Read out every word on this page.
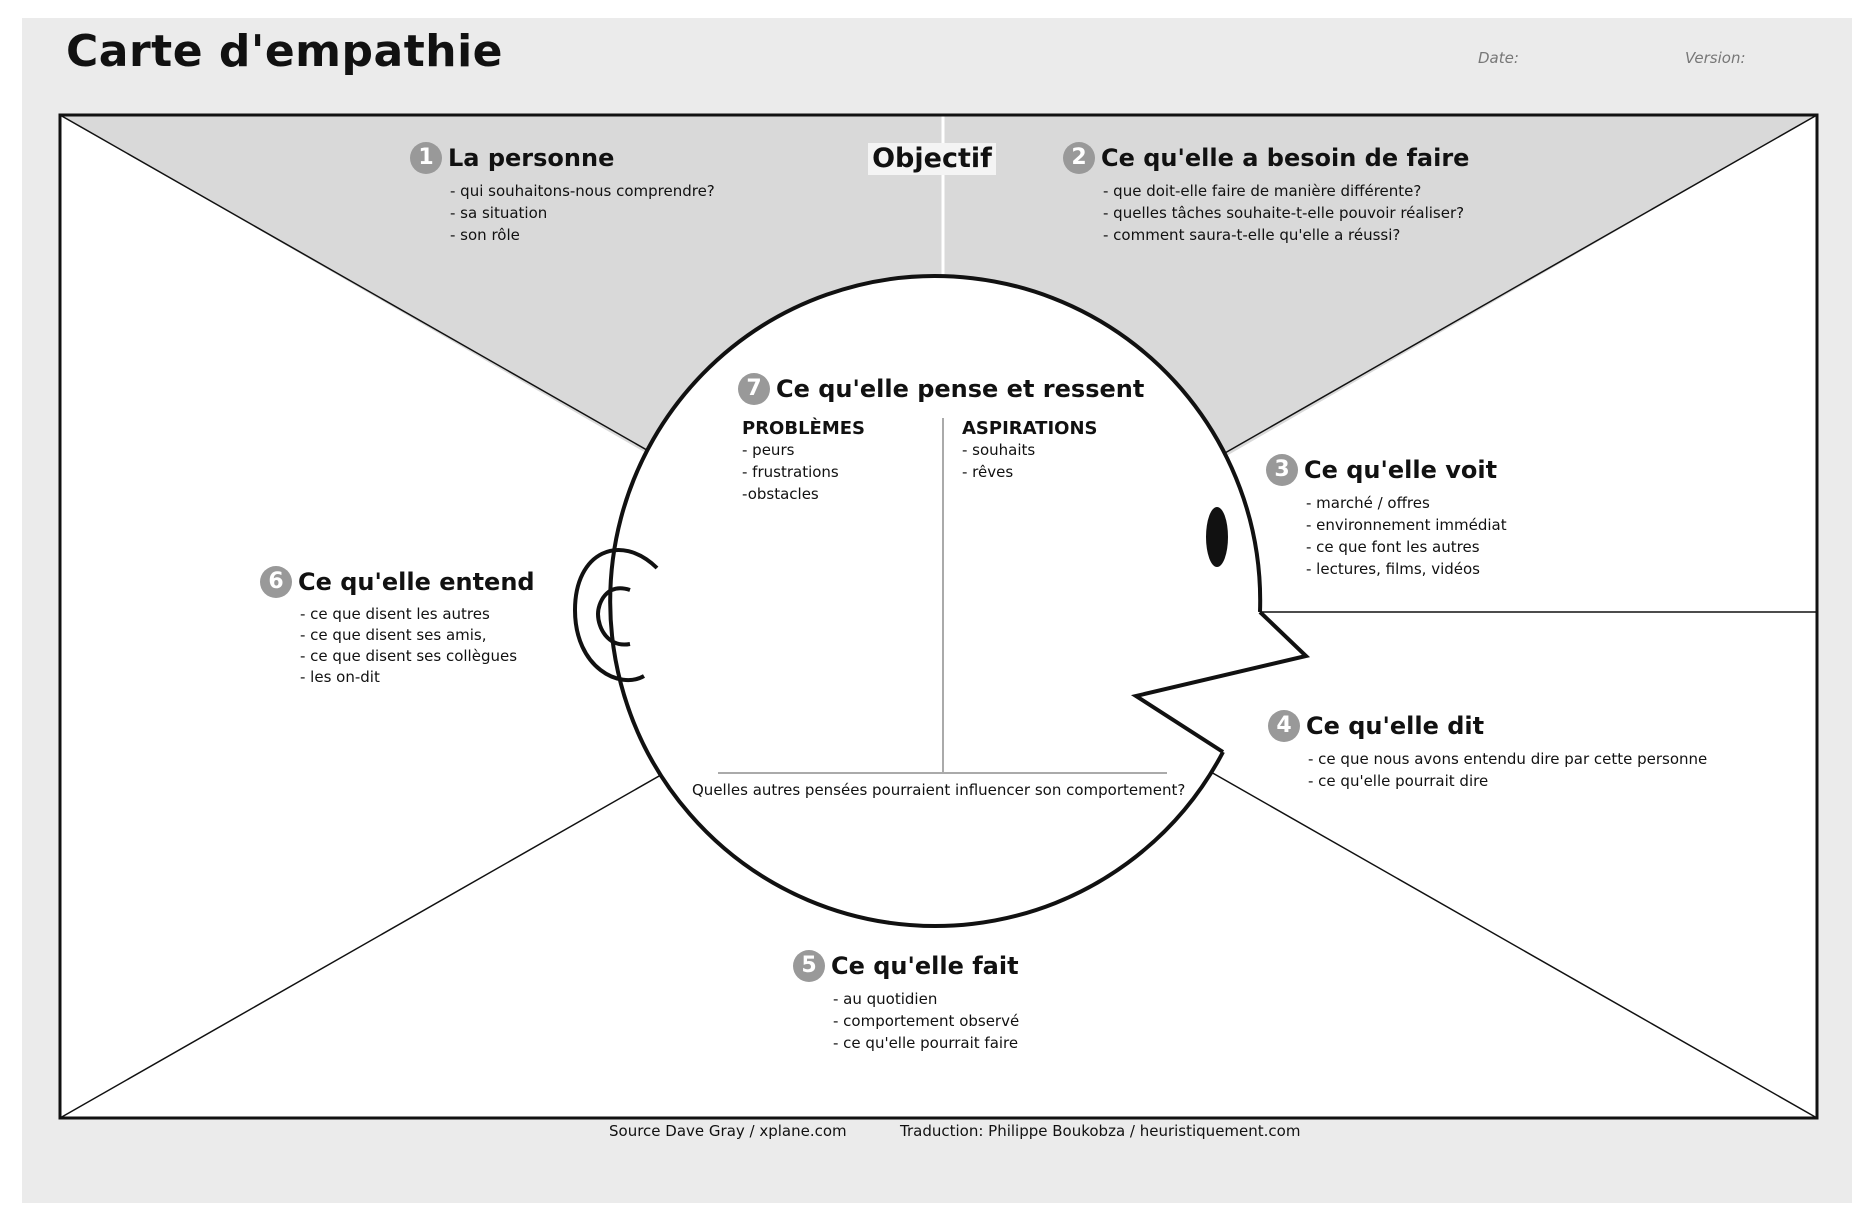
Carte d'empathie	Date:	Version:
Objectif
1 La personne
- qui souhaitons-nous comprendre?
- sa situation
- son rôle
2 Ce qu'elle a besoin de faire
- que doit-elle faire de manière différente?
- quelles tâches souhaite-t-elle pouvoir réaliser?
- comment saura-t-elle qu'elle a réussi?
3 Ce qu'elle voit
- marché / offres
- environnement immédiat
- ce que font les autres
- lectures, films, vidéos
4 Ce qu'elle dit
- ce que nous avons entendu dire par cette personne
- ce qu'elle pourrait dire
5 Ce qu'elle fait
- au quotidien
- comportement observé
- ce qu'elle pourrait faire
6 Ce qu'elle entend
- ce que disent les autres
- ce que disent ses amis,
- ce que disent ses collègues
- les on-dit
7 Ce qu'elle pense et ressent
PROBLÈMES
- peurs
- frustrations
-obstacles
ASPIRATIONS
- souhaits
- rêves
Quelles autres pensées pourraient influencer son comportement?
Source Dave Gray / xplane.com	Traduction: Philippe Boukobza / heuristiquement.com
